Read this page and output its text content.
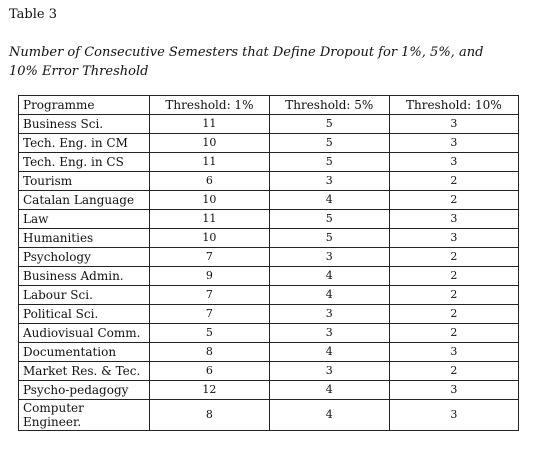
Table 3
Number of Consecutive Semesters that Define Dropout for 1%, 5%, and 10% Error Threshold
Programme	Threshold: 1%	Threshold: 5%	Threshold: 10%
Business Sci.	11	5	3
Tech. Eng. in CM	10	5	3
Tech. Eng. in CS	11	5	3
Tourism	6	3	2
Catalan Language	10	4	2
Law	11	5	3
Humanities	10	5	3
Psychology	7	3	2
Business Admin.	9	4	2
Labour Sci.	7	4	2
Political Sci.	7	3	2
Audiovisual Comm.	5	3	2
Documentation	8	4	3
Market Res. & Tec.	6	3	2
Psycho-pedagogy	12	4	3
Computer Engineer.	8	4	3
